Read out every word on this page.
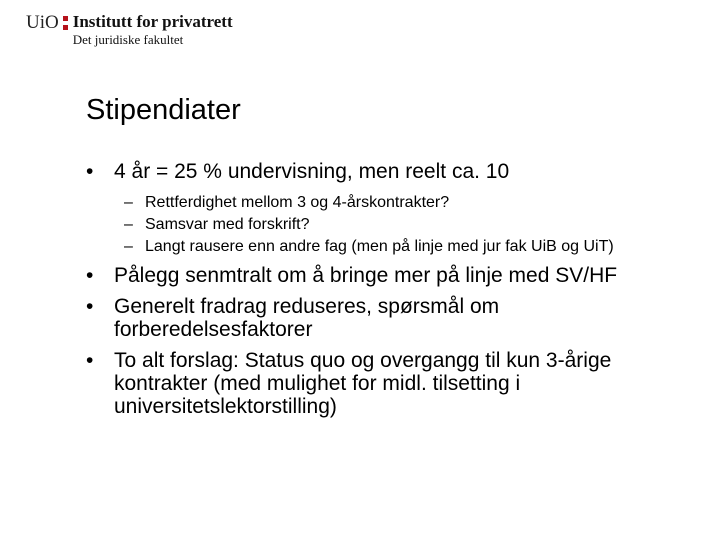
UiO Institutt for privatrett
Det juridiske fakultet
Stipendiater
• 4 år = 25 % undervisning, men reelt ca. 10
– Rettferdighet mellom 3 og 4-årskontrakter?
– Samsvar med forskrift?
– Langt rausere enn andre fag (men på linje med jur fak UiB og UiT)
• Pålegg senmtralt om å bringe mer på linje med SV/HF
• Generelt fradrag reduseres, spørsmål om forberedelsesfaktorer
• To alt forslag: Status quo og overgangg til kun 3-årige kontrakter (med mulighet for midl. tilsetting i universitetslektorstilling)
